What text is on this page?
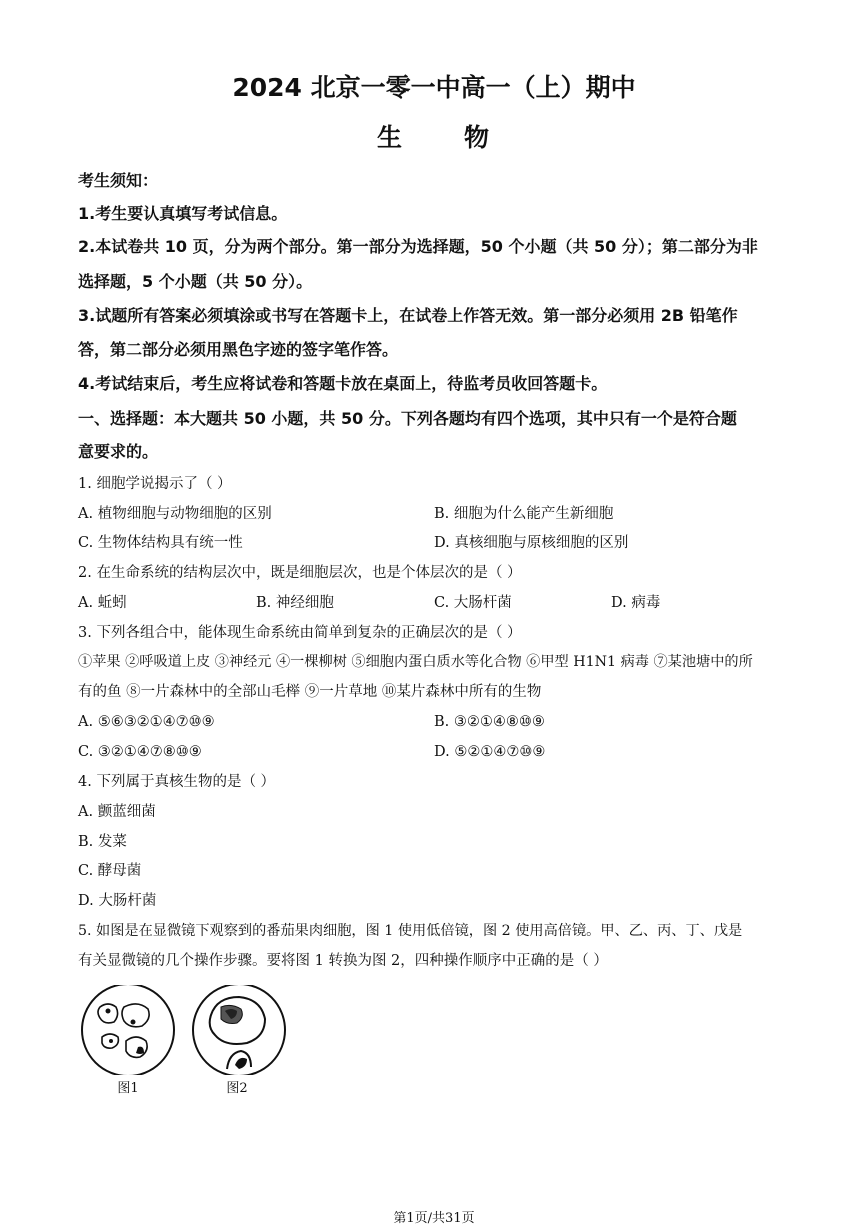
2024 北京一零一中高一（上）期中
生 物
考生须知：
1.考生要认真填写考试信息。
2.本试卷共 10 页，分为两个部分。第一部分为选择题，50 个小题（共 50 分）；第二部分为非
选择题，5 个小题（共 50 分）。
3.试题所有答案必须填涂或书写在答题卡上，在试卷上作答无效。第一部分必须用 2B 铅笔作
答，第二部分必须用黑色字迹的签字笔作答。
4.考试结束后，考生应将试卷和答题卡放在桌面上，待监考员收回答题卡。
一、选择题：本大题共 50 小题，共 50 分。下列各题均有四个选项，其中只有一个是符合题
意要求的。
1. 细胞学说揭示了（ ）
A. 植物细胞与动物细胞的区别	B. 细胞为什么能产生新细胞
C. 生物体结构具有统一性	D. 真核细胞与原核细胞的区别
2. 在生命系统的结构层次中，既是细胞层次，也是个体层次的是（ ）
A. 蚯蚓	B. 神经细胞	C. 大肠杆菌	D. 病毒
3. 下列各组合中，能体现生命系统由简单到复杂的正确层次的是（ ）
①苹果 ②呼吸道上皮 ③神经元 ④一棵柳树 ⑤细胞内蛋白质水等化合物 ⑥甲型 H1N1 病毒 ⑦某池塘中的所
有的鱼 ⑧一片森林中的全部山毛榉 ⑨一片草地 ⑩某片森林中所有的生物
A. ⑤⑥③②①④⑦⑩⑨	B. ③②①④⑧⑩⑨
C. ③②①④⑦⑧⑩⑨	D. ⑤②①④⑦⑩⑨
4. 下列属于真核生物的是（ ）
A. 颤蓝细菌
B. 发菜
C. 酵母菌
D. 大肠杆菌
5. 如图是在显微镜下观察到的番茄果肉细胞，图 1 使用低倍镜，图 2 使用高倍镜。甲、乙、丙、丁、戊是
有关显微镜的几个操作步骤。要将图 1 转换为图 2，四种操作顺序中正确的是（ ）
图1	图2
第1页/共31页
